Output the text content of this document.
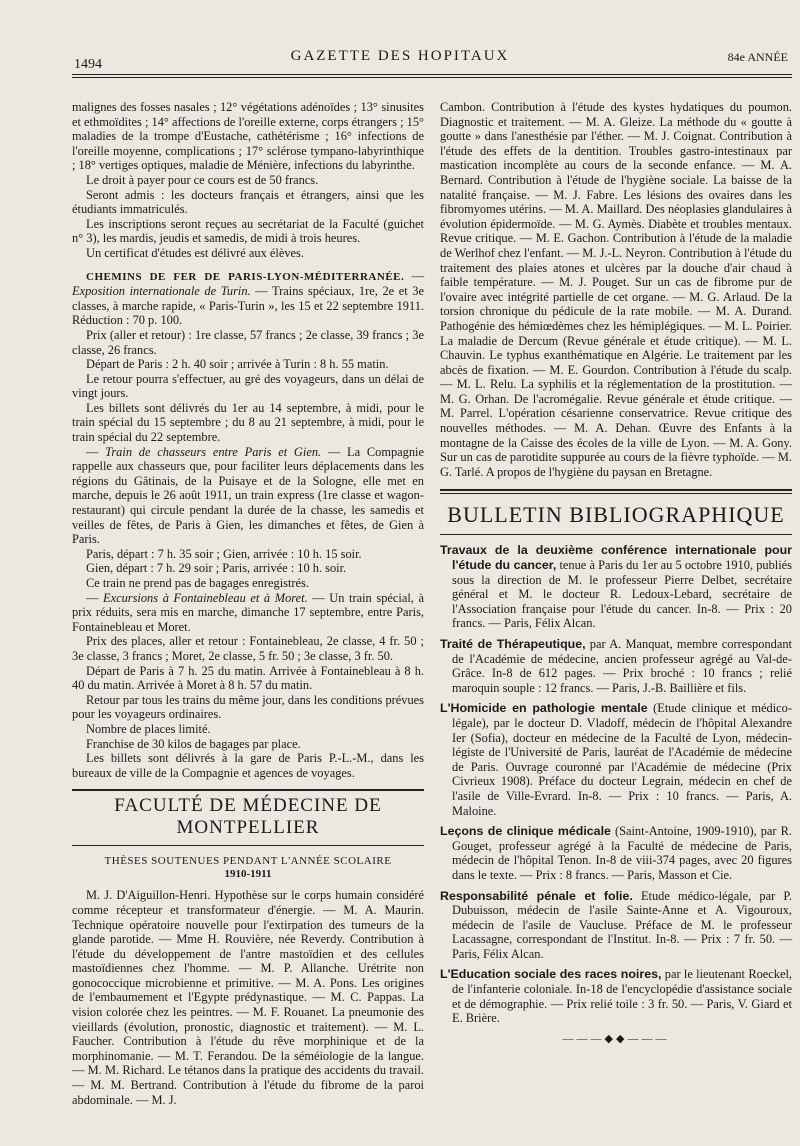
1494
GAZETTE DES HOPITAUX	84e ANNÉE

malignes des fosses nasales ; 12° végétations adénoïdes ; 13° sinusites et ethmoïdites ; 14° affections de l'oreille externe, corps étrangers ; 15° maladies de la trompe d'Eustache, cathétérisme ; 16° infections de l'oreille moyenne, complications ; 17° sclérose tympano-labyrinthique ; 18° vertiges optiques, maladie de Ménière, infections du labyrinthe.

Le droit à payer pour ce cours est de 50 francs.

Seront admis : les docteurs français et étrangers, ainsi que les étudiants immatriculés.

Les inscriptions seront reçues au secrétariat de la Faculté (guichet n° 3), les mardis, jeudis et samedis, de midi à trois heures.

Un certificat d'études est délivré aux élèves.

CHEMINS DE FER DE PARIS-LYON-MÉDITERRANÉE. — Exposition internationale de Turin. — Trains spéciaux, 1re, 2e et 3e classes, à marche rapide, « Paris-Turin », les 15 et 22 septembre 1911. Réduction : 70 p. 100.

Prix (aller et retour) : 1re classe, 57 francs ; 2e classe, 39 francs ; 3e classe, 26 francs.

Départ de Paris : 2 h. 40 soir ; arrivée à Turin : 8 h. 55 matin.

Le retour pourra s'effectuer, au gré des voyageurs, dans un délai de vingt jours.

Les billets sont délivrés du 1er au 14 septembre, à midi, pour le train spécial du 15 septembre ; du 8 au 21 septembre, à midi, pour le train spécial du 22 septembre.

— Train de chasseurs entre Paris et Gien. — La Compagnie rappelle aux chasseurs que, pour faciliter leurs déplacements dans les régions du Gâtinais, de la Puisaye et de la Sologne, elle met en marche, depuis le 26 août 1911, un train express (1re classe et wagon-restaurant) qui circule pendant la durée de la chasse, les samedis et veilles de fêtes, de Paris à Gien, les dimanches et fêtes, de Gien à Paris.

Paris, départ : 7 h. 35 soir ; Gien, arrivée : 10 h. 15 soir.

Gien, départ : 7 h. 29 soir ; Paris, arrivée : 10 h. soir.

Ce train ne prend pas de bagages enregistrés.

— Excursions à Fontainebleau et à Moret. — Un train spécial, à prix réduits, sera mis en marche, dimanche 17 septembre, entre Paris, Fontainebleau et Moret.

Prix des places, aller et retour : Fontainebleau, 2e classe, 4 fr. 50 ; 3e classe, 3 francs ; Moret, 2e classe, 5 fr. 50 ; 3e classe, 3 fr. 50.

Départ de Paris à 7 h. 25 du matin. Arrivée à Fontainebleau à 8 h. 40 du matin. Arrivée à Moret à 8 h. 57 du matin.

Retour par tous les trains du même jour, dans les conditions prévues pour les voyageurs ordinaires.

Nombre de places limité.

Franchise de 30 kilos de bagages par place.

Les billets sont délivrés à la gare de Paris P.-L.-M., dans les bureaux de ville de la Compagnie et agences de voyages.

FACULTÉ DE MÉDECINE DE MONTPELLIER
THÈSES SOUTENUES PENDANT L'ANNÉE SCOLAIRE
1910-1911

M. J. D'Aiguillon-Henri. Hypothèse sur le corps humain considéré comme récepteur et transformateur d'énergie. — M. A. Maurin. Technique opératoire nouvelle pour l'extirpation des tumeurs de la glande parotide. — Mme H. Rouvière, née Reverdy. Contribution à l'étude du développement de l'antre mastoïdien et des cellules mastoïdiennes chez l'homme. — M. P. Allanche. Urétrite non gonococcique microbienne et primitive. — M. A. Pons. Les origines de l'embaumement et l'Egypte prédynastique. — M. C. Pappas. La vision colorée chez les peintres. — M. F. Rouanet. La pneumonie des vieillards (évolution, pronostic, diagnostic et traitement). — M. L. Faucher. Contribution à l'étude du rêve morphinique et de la morphinomanie. — M. T. Ferandou. De la séméiologie de la langue. — M. M. Richard. Le tétanos dans la pratique des accidents du travail. — M. M. Bertrand. Contribution à l'étude du fibrome de la paroi abdominale. — M. J.

Cambon. Contribution à l'étude des kystes hydatiques du poumon. Diagnostic et traitement. — M. A. Gleize. La méthode du « goutte à goutte » dans l'anesthésie par l'éther. — M. J. Coignat. Contribution à l'étude des effets de la dentition. Troubles gastro-intestinaux par mastication incomplète au cours de la seconde enfance. — M. A. Bernard. Contribution à l'étude de l'hygiène sociale. La baisse de la natalité française. — M. J. Fabre. Les lésions des ovaires dans les fibromyomes utérins. — M. A. Maillard. Des néoplasies glandulaires à évolution épidermoïde. — M. G. Aymès. Diabète et troubles mentaux. Revue critique. — M. E. Gachon. Contribution à l'étude de la maladie de Werlhof chez l'enfant. — M. J.-L. Neyron. Contribution à l'étude du traitement des plaies atones et ulcères par la douche d'air chaud à faible température. — M. J. Pouget. Sur un cas de fibrome pur de l'ovaire avec intégrité partielle de cet organe. — M. G. Arlaud. De la torsion chronique du pédicule de la rate mobile. — M. A. Durand. Pathogénie des hémiœdèmes chez les hémiplégiques. — M. L. Poirier. La maladie de Dercum (Revue générale et étude critique). — M. L. Chauvin. Le typhus exanthématique en Algérie. Le traitement par les abcès de fixation. — M. E. Gourdon. Contribution à l'étude du scalp. — M. L. Relu. La syphilis et la réglementation de la prostitution. — M. G. Orhan. De l'acromégalie. Revue générale et étude critique. — M. Parrel. L'opération césarienne conservatrice. Revue critique des nouvelles méthodes. — M. A. Dehan. Œuvre des Enfants à la montagne de la Caisse des écoles de la ville de Lyon. — M. A. Gony. Sur un cas de parotidite suppurée au cours de la fièvre typhoïde. — M. G. Tarlé. A propos de l'hygiène du paysan en Bretagne.

BULLETIN BIBLIOGRAPHIQUE

Travaux de la deuxième conférence internationale pour l'étude du cancer, tenue à Paris du 1er au 5 octobre 1910, publiés sous la direction de M. le professeur Pierre Delbet, secrétaire général et M. le docteur R. Ledoux-Lebard, secrétaire de l'Association française pour l'étude du cancer. In-8. — Prix : 20 francs. — Paris, Félix Alcan.

Traité de Thérapeutique, par A. Manquat, membre correspondant de l'Académie de médecine, ancien professeur agrégé au Val-de-Grâce. In-8 de 612 pages. — Prix broché : 10 francs ; relié maroquin souple : 12 francs. — Paris, J.-B. Baillière et fils.

L'Homicide en pathologie mentale (Etude clinique et médico-légale), par le docteur D. Vladoff, médecin de l'hôpital Alexandre Ier (Sofia), docteur en médecine de la Faculté de Lyon, médecin-légiste de l'Université de Paris, lauréat de l'Académie de médecine de Paris. Ouvrage couronné par l'Académie de médecine (Prix Civrieux 1908). Préface du docteur Legrain, médecin en chef de l'asile de Ville-Evrard. In-8. — Prix : 10 francs. — Paris, A. Maloine.

Leçons de clinique médicale (Saint-Antoine, 1909-1910), par R. Gouget, professeur agrégé à la Faculté de médecine de Paris, médecin de l'hôpital Tenon. In-8 de viii-374 pages, avec 20 figures dans le texte. — Prix : 8 francs. — Paris, Masson et Cie.

Responsabilité pénale et folie. Etude médico-légale, par P. Dubuisson, médecin de l'asile Sainte-Anne et A. Vigouroux, médecin de l'asile de Vaucluse. Préface de M. le professeur Lacassagne, correspondant de l'Institut. In-8. — Prix : 7 fr. 50. — Paris, Félix Alcan.

L'Education sociale des races noires, par le lieutenant Roeckel, de l'infanterie coloniale. In-18 de l'encyclopédie d'assistance sociale et de démographie. — Prix relié toile : 3 fr. 50. — Paris, V. Giard et E. Brière.

———◆◆———
